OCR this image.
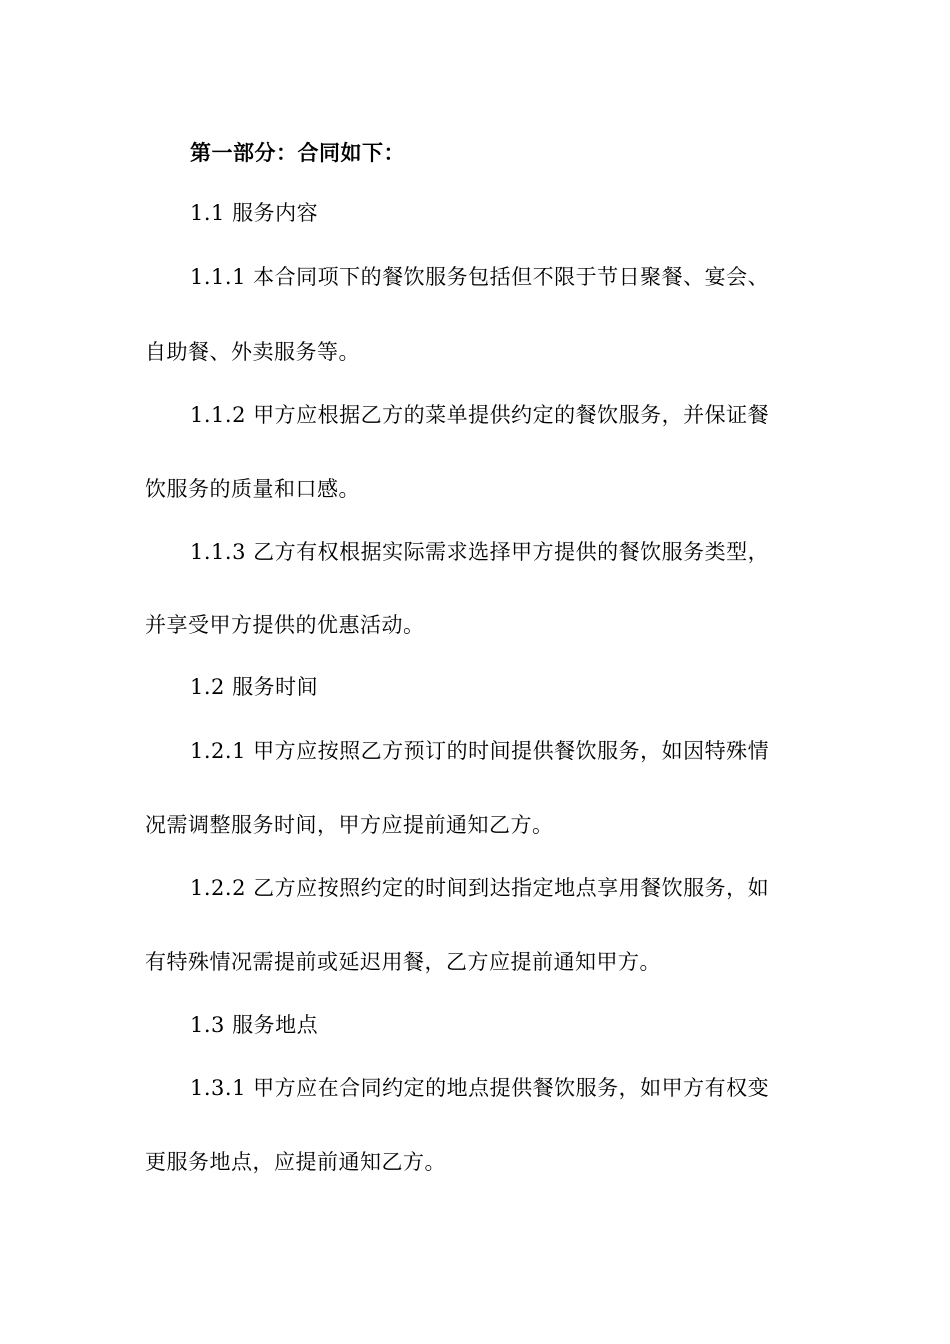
第一部分：合同如下：
1.1 服务内容
1.1.1 本合同项下的餐饮服务包括但不限于节日聚餐、宴会、
自助餐、外卖服务等。
1.1.2 甲方应根据乙方的菜单提供约定的餐饮服务，并保证餐
饮服务的质量和口感。
1.1.3 乙方有权根据实际需求选择甲方提供的餐饮服务类型，
并享受甲方提供的优惠活动。
1.2 服务时间
1.2.1 甲方应按照乙方预订的时间提供餐饮服务，如因特殊情
况需调整服务时间，甲方应提前通知乙方。
1.2.2 乙方应按照约定的时间到达指定地点享用餐饮服务，如
有特殊情况需提前或延迟用餐，乙方应提前通知甲方。
1.3 服务地点
1.3.1 甲方应在合同约定的地点提供餐饮服务，如甲方有权变
更服务地点，应提前通知乙方。
